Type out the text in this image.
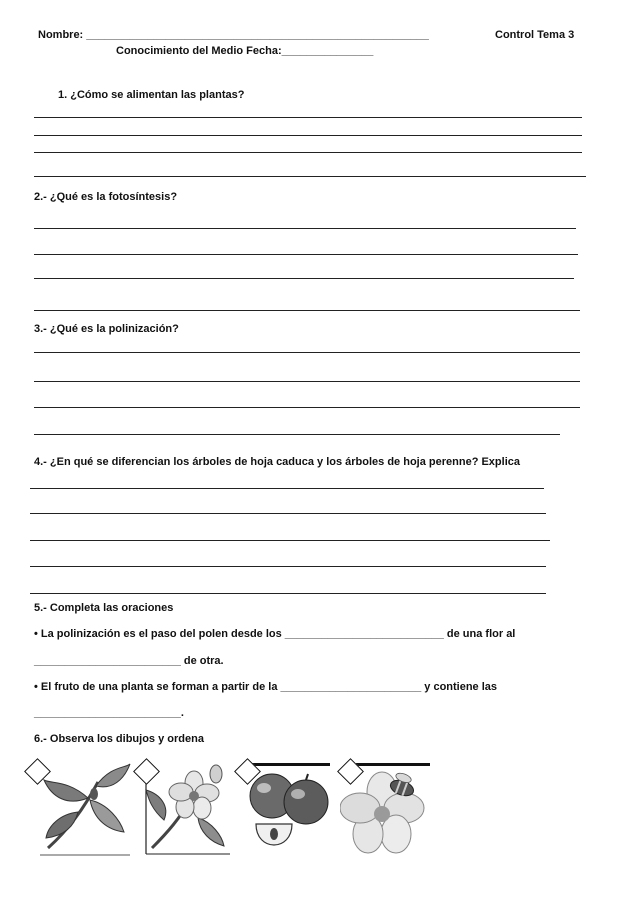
Nombre: ________________________________________________________	Control Tema 3
Conocimiento del Medio Fecha:_______________
1. ¿Cómo se alimentan las plantas?
2.- ¿Qué es la fotosíntesis?
3.- ¿Qué es la polinización?
4.- ¿En qué se diferencian los árboles de hoja caduca y los árboles de hoja perenne? Explica
5.- Completa las oraciones
• La polinización es el paso del polen desde los __________________________ de una flor al
________________________ de otra.
• El fruto de una planta se forman a partir de la _______________________ y contiene las
________________________.
6.- Observa los dibujos y ordena
